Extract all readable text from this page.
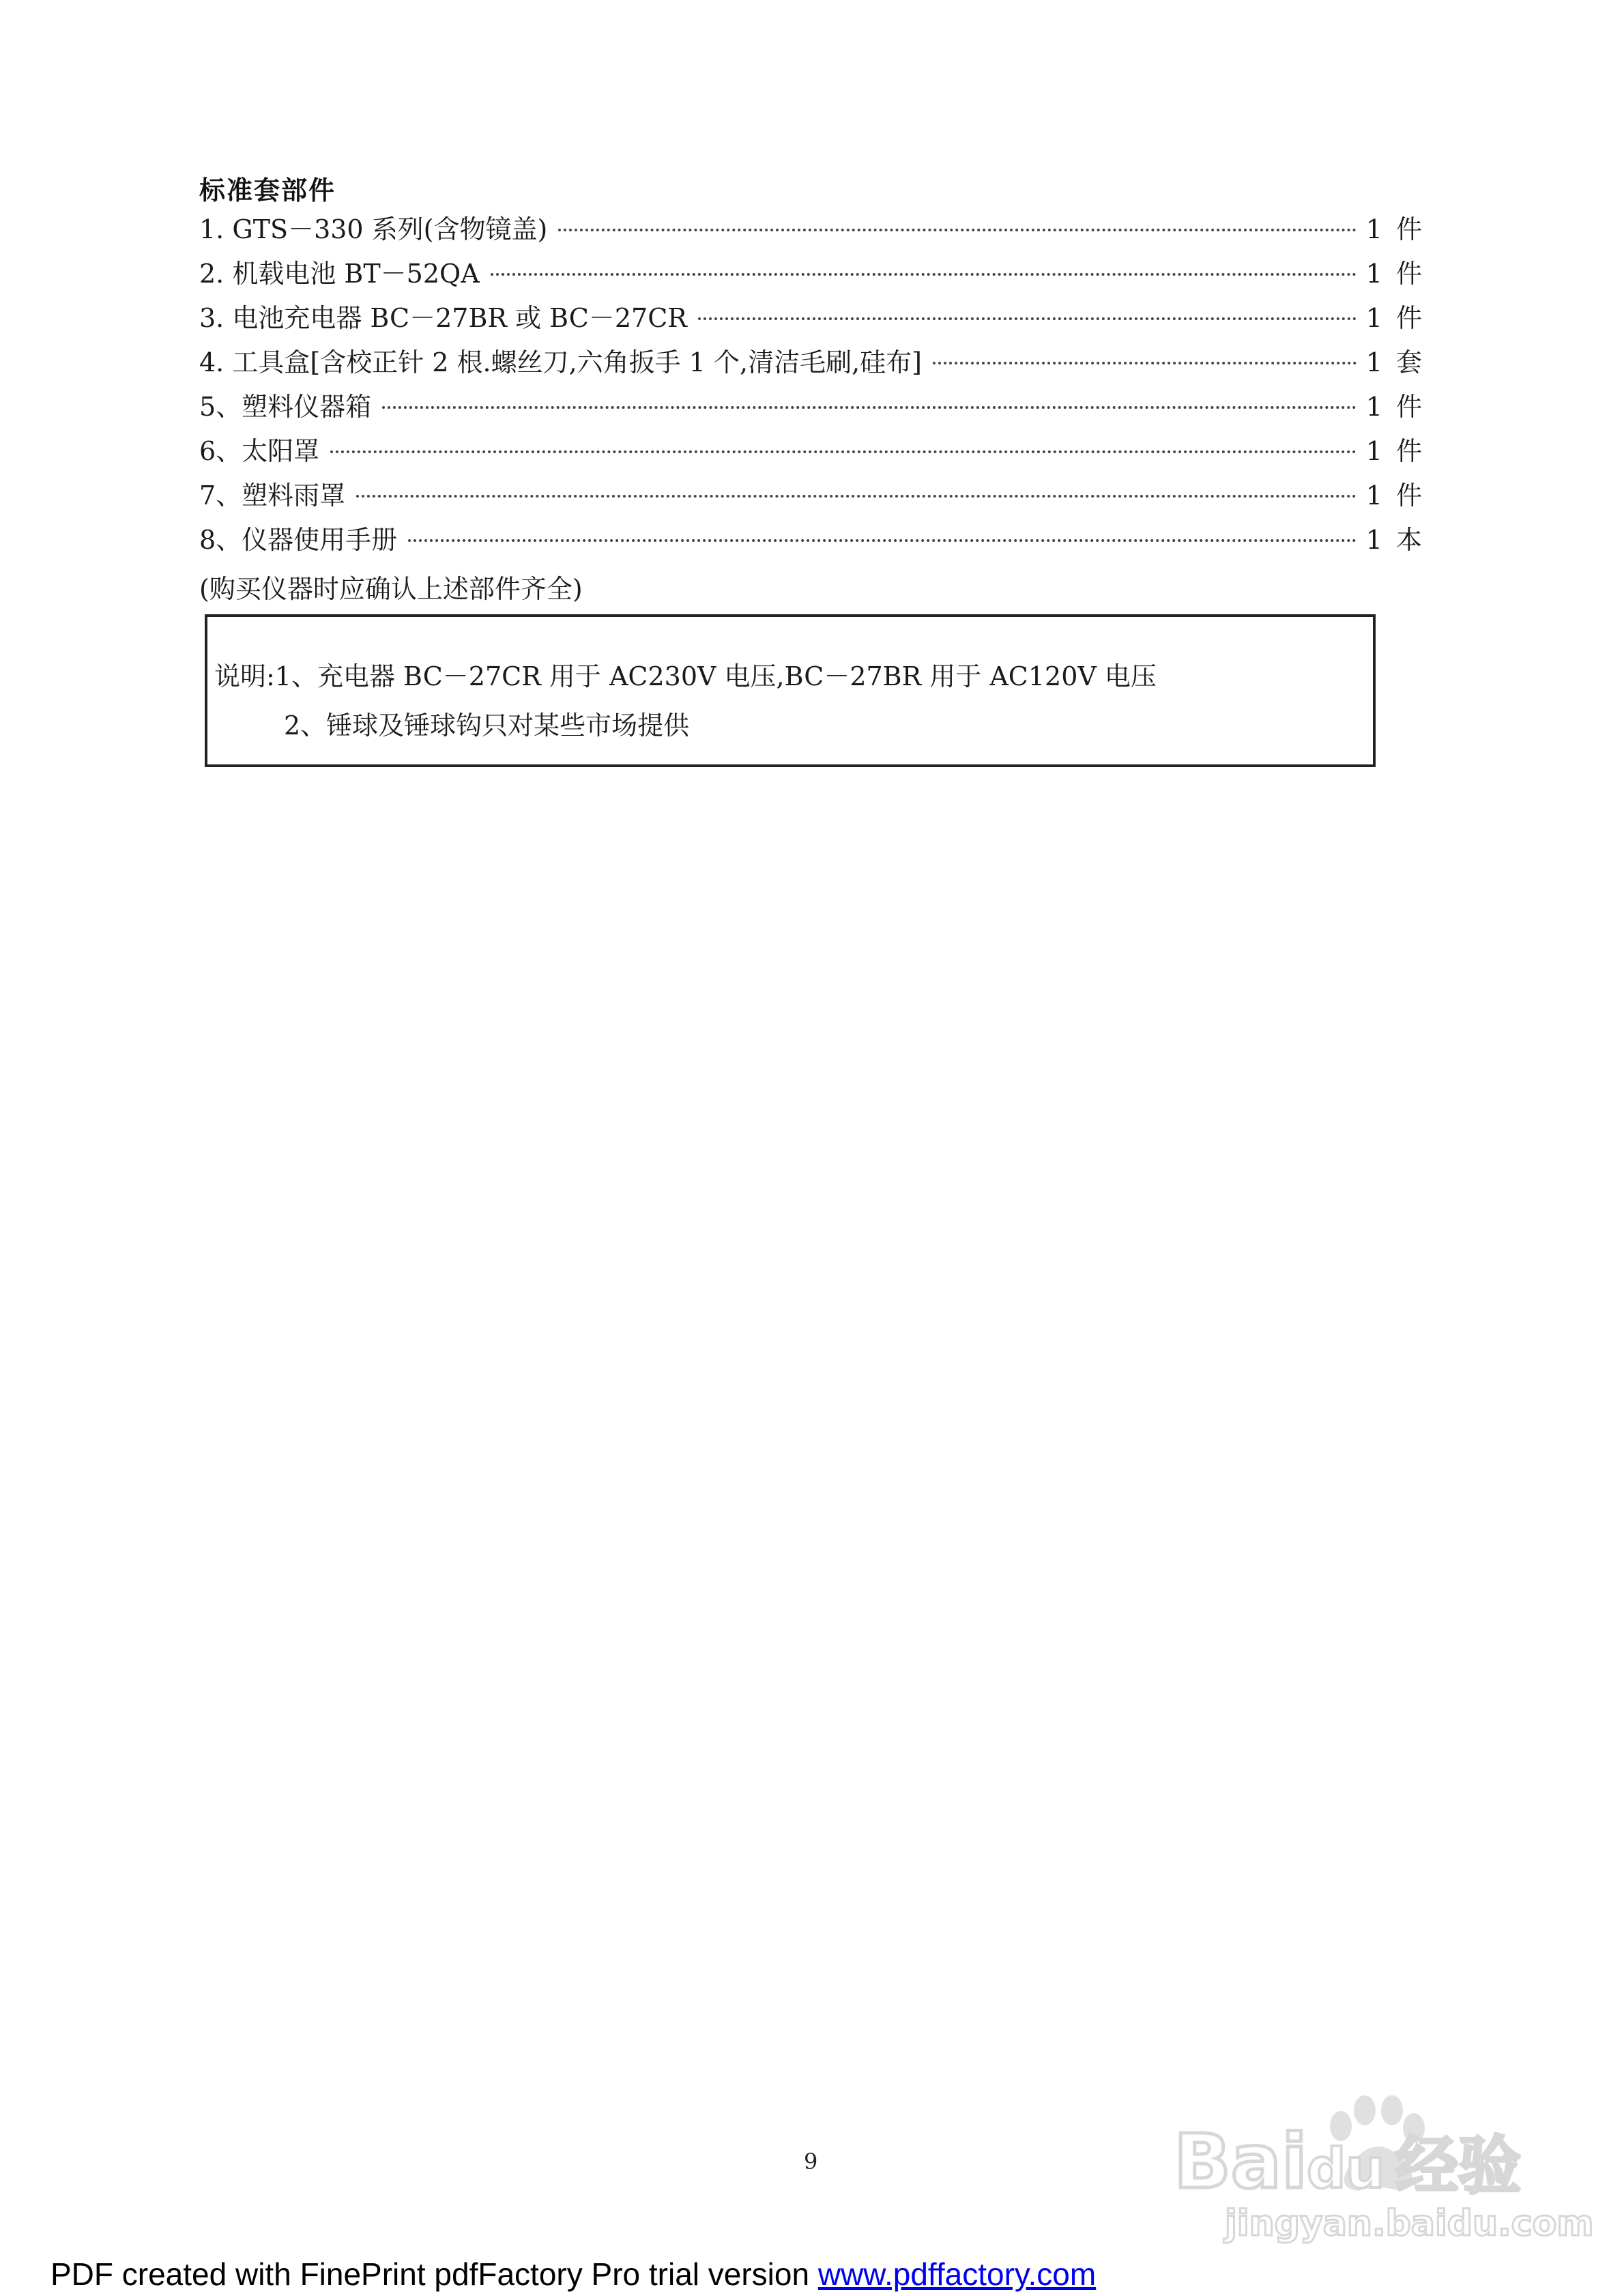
标准套部件
1. GTS－330 系列(含物镜盖)	1 件
2. 机载电池 BT－52QA	1 件
3. 电池充电器 BC－27BR 或 BC－27CR	1 件
4. 工具盒[含校正针 2 根.螺丝刀,六角扳手 1 个,清洁毛刷,硅布]	1 套
5、塑料仪器箱	1 件
6、太阳罩	1 件
7、塑料雨罩	1 件
8、仪器使用手册	1 本
(购买仪器时应确认上述部件齐全)
说明:1、充电器 BC－27CR 用于 AC230V 电压,BC－27BR 用于 AC120V 电压
2、锤球及锤球钩只对某些市场提供
9	Bai du 经验
jingyan.baidu.com
PDF created with FinePrint pdfFactory Pro trial version www.pdffactory.com
